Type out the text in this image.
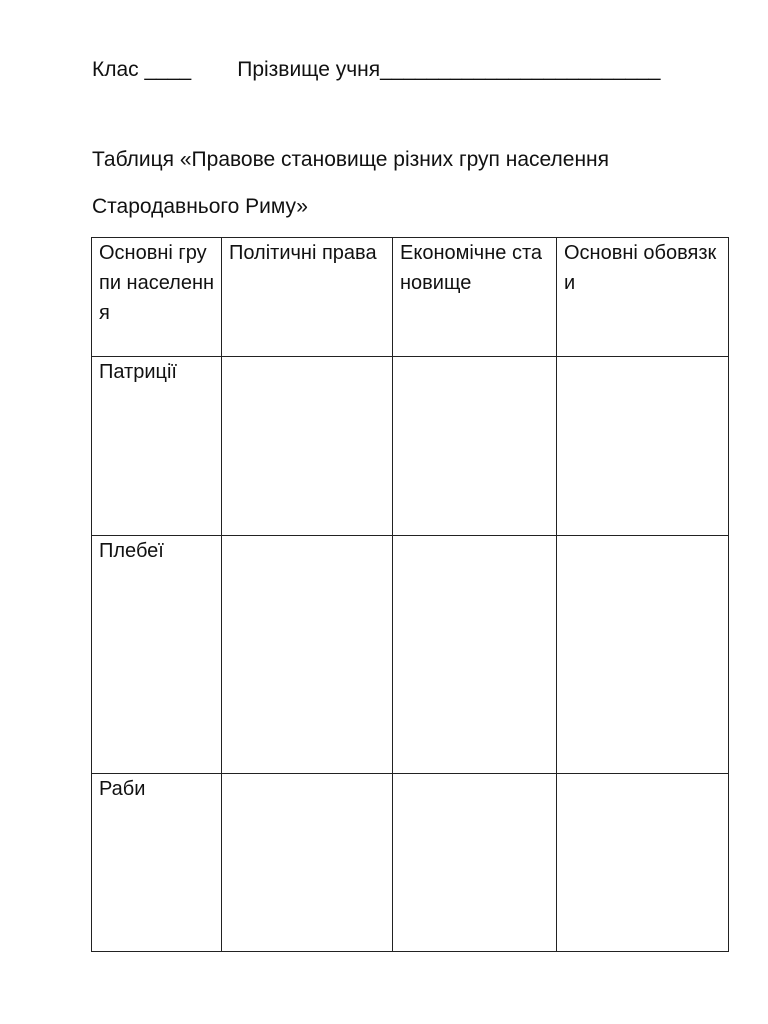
Клас ____ Прізвище учня________________________
Таблиця «Правове становище різних груп населення
Стародавнього Риму»
Основні групи населення	Політичні права	Економічне становище	Основні обовязки

Патриції			

Плебеї			

Раби			
